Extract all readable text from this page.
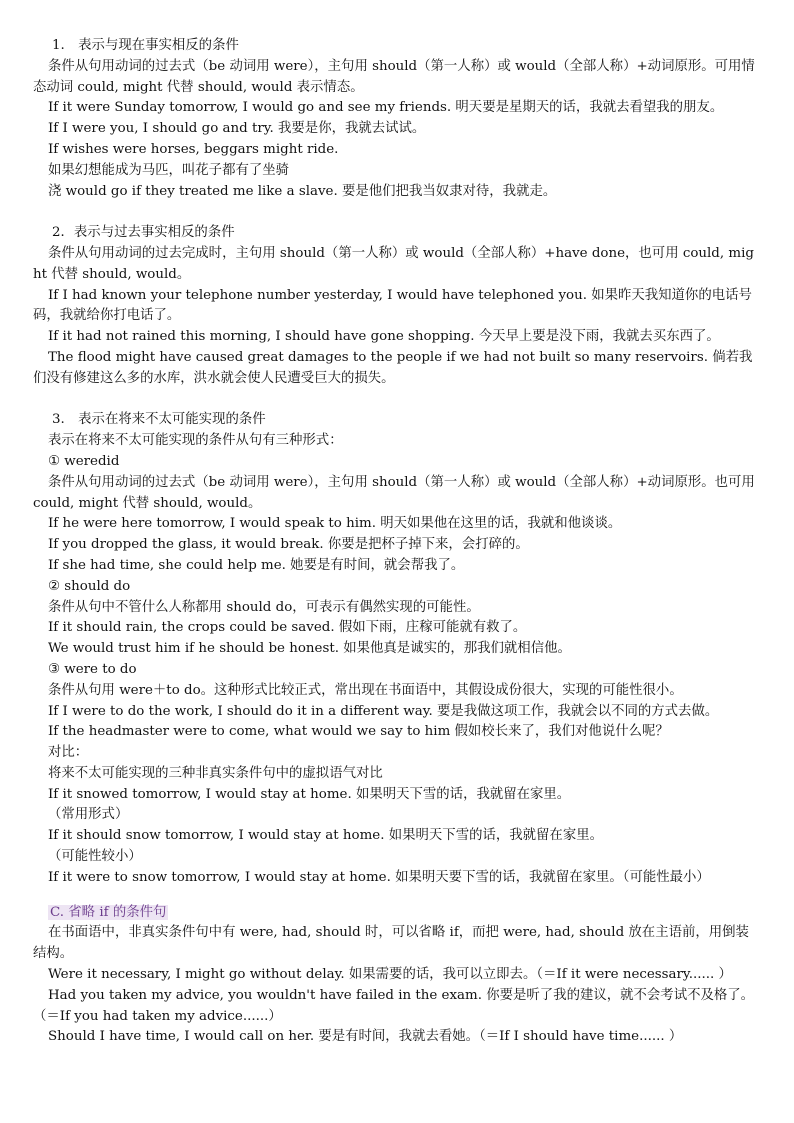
1.　表示与现在事实相反的条件

条件从句用动词的过去式（be 动词用 were），主句用 should（第一人称）或 would（全部人称）+动词原形。可用情态动词 could, might 代替 should, would 表示情态。

If it were Sunday tomorrow, I would go and see my friends. 明天要是星期天的话，我就去看望我的朋友。

If I were you, I should go and try. 我要是你，我就去试试。

If wishes were horses, beggars might ride.

如果幻想能成为马匹，叫花子都有了坐骑

浇 would go if they treated me like a slave. 要是他们把我当奴隶对待，我就走。

2．表示与过去事实相反的条件

条件从句用动词的过去完成时，主句用 should（第一人称）或 would（全部人称）+have done，也可用 could, might 代替 should, would。

If I had known your telephone number yesterday, I would have telephoned you. 如果昨天我知道你的电话号码，我就给你打电话了。

If it had not rained this morning, I should have gone shopping. 今天早上要是没下雨，我就去买东西了。

The flood might have caused great damages to the people if we had not built so many reservoirs. 倘若我们没有修建这么多的水库，洪水就会使人民遭受巨大的损失。

3.　表示在将来不太可能实现的条件

表示在将来不太可能实现的条件从句有三种形式：

① weredid

条件从句用动词的过去式（be 动词用 were），主句用 should（第一人称）或 would（全部人称）+动词原形。也可用 could, might 代替 should, would。

If he were here tomorrow, I would speak to him. 明天如果他在这里的话，我就和他谈谈。

If you dropped the glass, it would break. 你要是把杯子掉下来，会打碎的。

If she had time, she could help me. 她要是有时间，就会帮我了。

② should do

条件从句中不管什么人称都用 should do，可表示有偶然实现的可能性。

If it should rain, the crops could be saved. 假如下雨，庄稼可能就有救了。

We would trust him if he should be honest. 如果他真是诚实的，那我们就相信他。

③ were to do

条件从句用 were＋to do。这种形式比较正式，常出现在书面语中，其假设成份很大，实现的可能性很小。

If I were to do the work, I should do it in a different way. 要是我做这项工作，我就会以不同的方式去做。

If the headmaster were to come, what would we say to him 假如校长来了，我们对他说什么呢？

对比：

将来不太可能实现的三种非真实条件句中的虚拟语气对比

If it snowed tomorrow, I would stay at home. 如果明天下雪的话，我就留在家里。

（常用形式）

If it should snow tomorrow, I would stay at home. 如果明天下雪的话，我就留在家里。

（可能性较小）

If it were to snow tomorrow, I would stay at home. 如果明天要下雪的话，我就留在家里。（可能性最小）

C. 省略 if 的条件句

在书面语中，非真实条件句中有 were, had, should 时，可以省略 if，而把 were, had, should 放在主语前，用倒装结构。

Were it necessary, I might go without delay. 如果需要的话，我可以立即去。（＝If it were necessary...... ）

Had you taken my advice, you wouldn't have failed in the exam. 你要是听了我的建议，就不会考试不及格了。（＝If you had taken my advice......）

Should I have time, I would call on her. 要是有时间，我就去看她。（＝If I should have time...... ）
